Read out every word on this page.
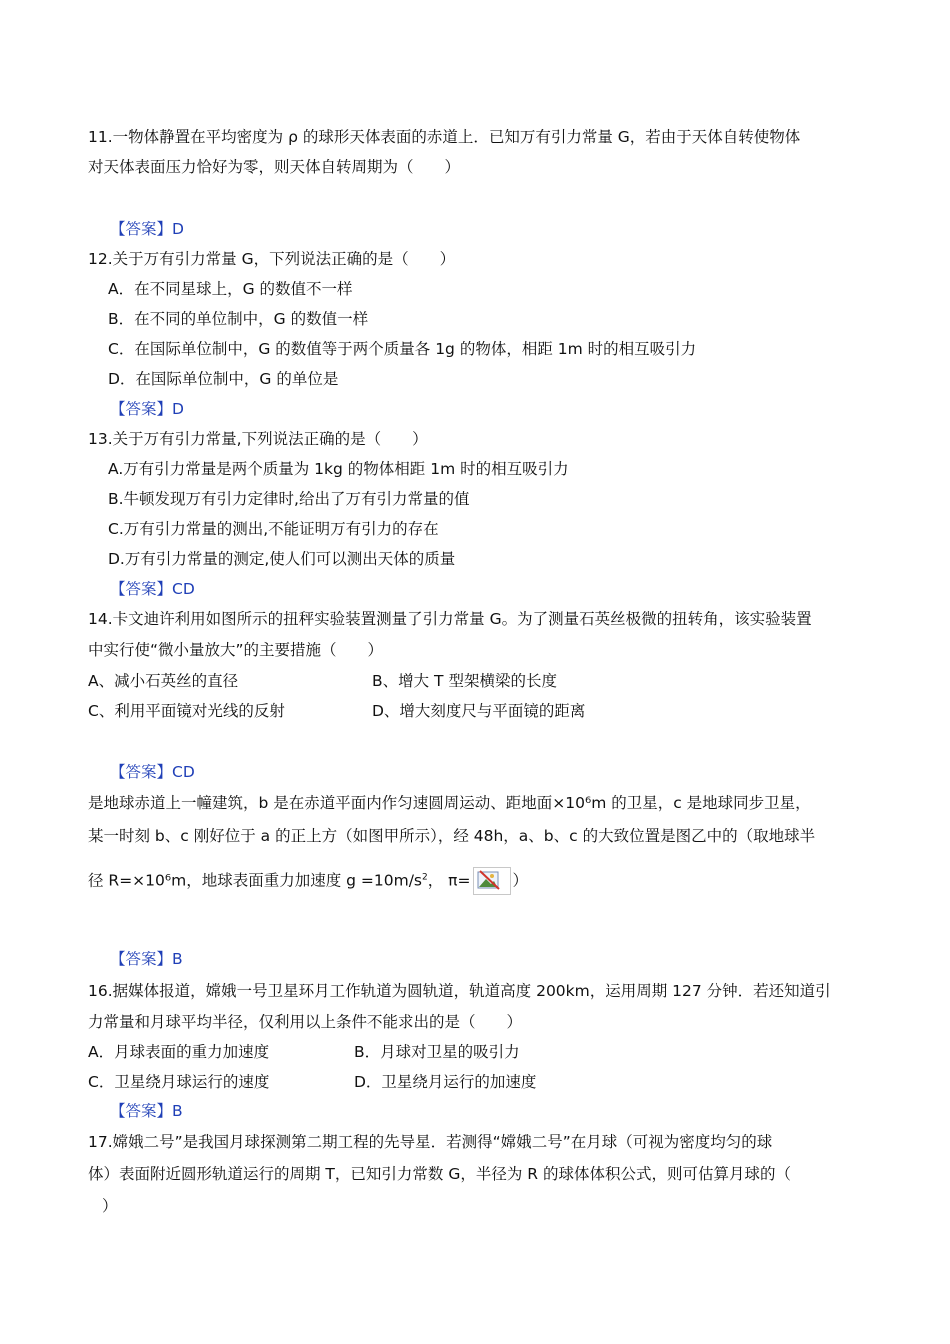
11.一物体静置在平均密度为 ρ 的球形天体表面的赤道上．已知万有引力常量 G，若由于天体自转使物体
对天体表面压力恰好为零，则天体自转周期为（　　）
【答案】D
12.关于万有引力常量 G，下列说法正确的是（　　）
A．在不同星球上，G 的数值不一样
B．在不同的单位制中，G 的数值一样
C．在国际单位制中，G 的数值等于两个质量各 1g 的物体，相距 1m 时的相互吸引力
D．在国际单位制中，G 的单位是
【答案】D
13.关于万有引力常量,下列说法正确的是（　　）
A.万有引力常量是两个质量为 1kg 的物体相距 1m 时的相互吸引力
B.牛顿发现万有引力定律时,给出了万有引力常量的值
C.万有引力常量的测出,不能证明万有引力的存在
D.万有引力常量的测定,使人们可以测出天体的质量
【答案】CD
14.卡文迪许利用如图所示的扭秤实验装置测量了引力常量 G。为了测量石英丝极微的扭转角，该实验装置
中实行使“微小量放大”的主要措施（　　）
A、减小石英丝的直径	B、增大 T 型架横梁的长度
C、利用平面镜对光线的反射	D、增大刻度尺与平面镜的距离
【答案】CD
是地球赤道上一幢建筑，b 是在赤道平面内作匀速圆周运动、距地面×10⁶m 的卫星，c 是地球同步卫星，
某一时刻 b、c 刚好位于 a 的正上方（如图甲所示），经 48h，a、b、c 的大致位置是图乙中的（取地球半
径 R=×10⁶m，地球表面重力加速度 $g =10m/s^2$， π=	）
【答案】B
16.据媒体报道，嫦娥一号卫星环月工作轨道为圆轨道，轨道高度 200km，运用周期 127 分钟．若还知道引
力常量和月球平均半径，仅利用以上条件不能求出的是（　　）
A．月球表面的重力加速度	B．月球对卫星的吸引力
C．卫星绕月球运行的速度	D．卫星绕月运行的加速度
【答案】B
17.嫦娥二号”是我国月球探测第二期工程的先导星．若测得“嫦娥二号”在月球（可视为密度均匀的球
体）表面附近圆形轨道运行的周期 T，已知引力常数 G，半径为 R 的球体体积公式，则可估算月球的（
）
